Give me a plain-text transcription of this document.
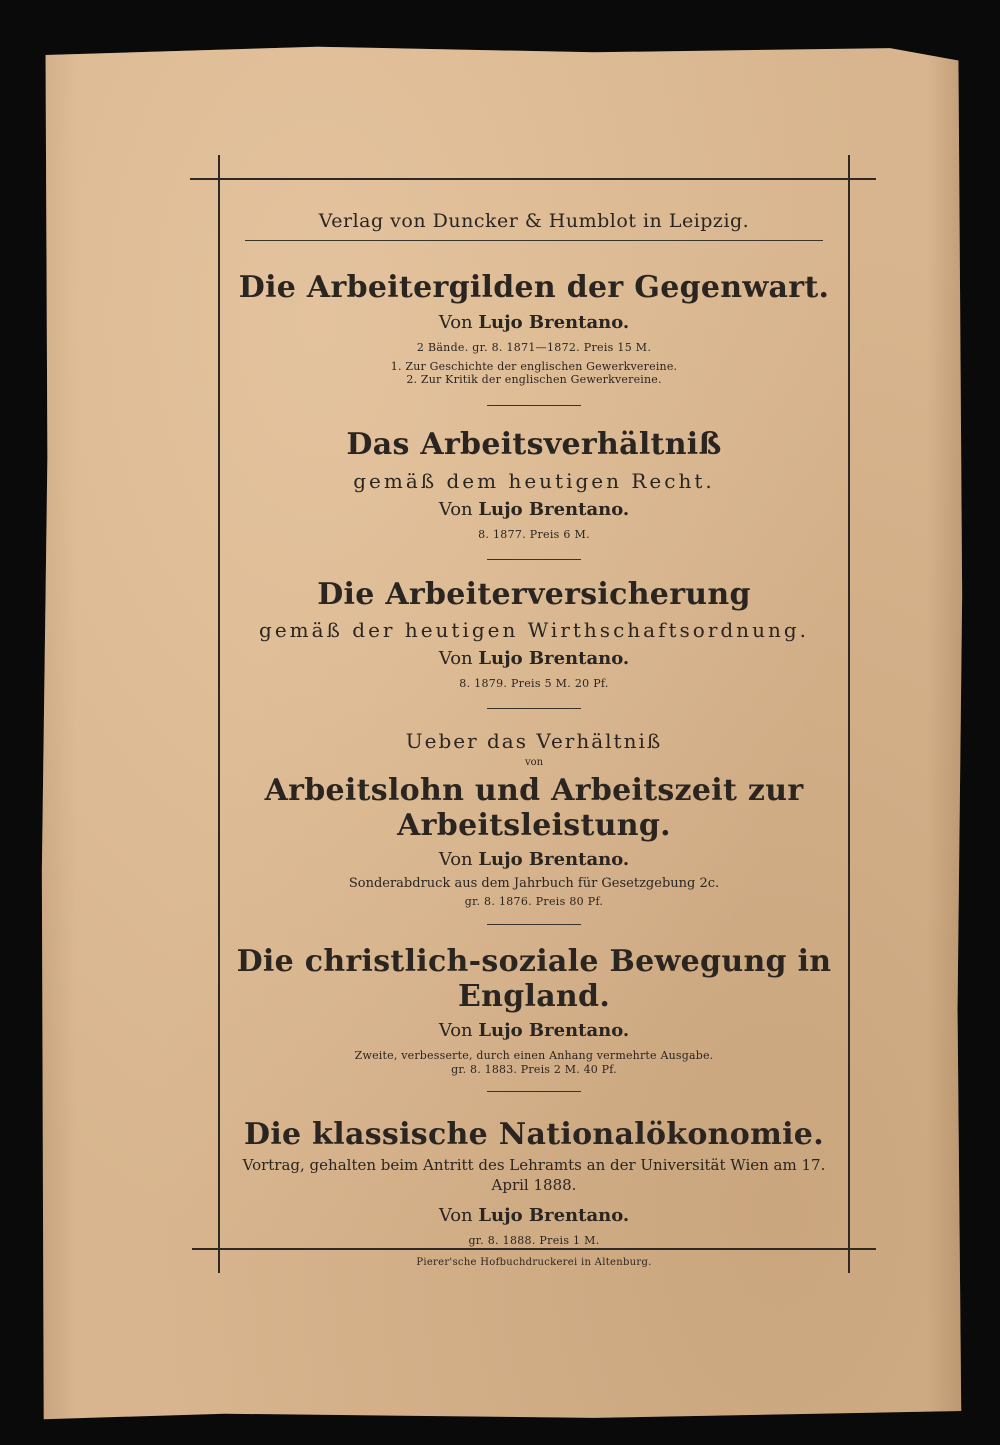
Verlag von Duncker & Humblot in Leipzig.
Die Arbeitergilden der Gegenwart.
Von Lujo Brentano.
2 Bände. gr. 8. 1871—1872. Preis 15 M.
1. Zur Geschichte der englischen Gewerkvereine.
2. Zur Kritik der englischen Gewerkvereine.
Das Arbeitsverhältniß
gemäß dem heutigen Recht.
Von Lujo Brentano.
8. 1877. Preis 6 M.
Die Arbeiterversicherung
gemäß der heutigen Wirthschaftsordnung.
Von Lujo Brentano.
8. 1879. Preis 5 M. 20 Pf.
Ueber das Verhältniß
von
Arbeitslohn und Arbeitszeit zur Arbeitsleistung.
Von Lujo Brentano.
Sonderabdruck aus dem Jahrbuch für Gesetzgebung 2c.
gr. 8. 1876. Preis 80 Pf.
Die christlich-soziale Bewegung in England.
Von Lujo Brentano.
Zweite, verbesserte, durch einen Anhang vermehrte Ausgabe.
gr. 8. 1883. Preis 2 M. 40 Pf.
Die klassische Nationalökonomie.
Vortrag, gehalten beim Antritt des Lehramts an der Universität Wien am 17. April 1888.
Von Lujo Brentano.
gr. 8. 1888. Preis 1 M.
Pierer'sche Hofbuchdruckerei in Altenburg.
